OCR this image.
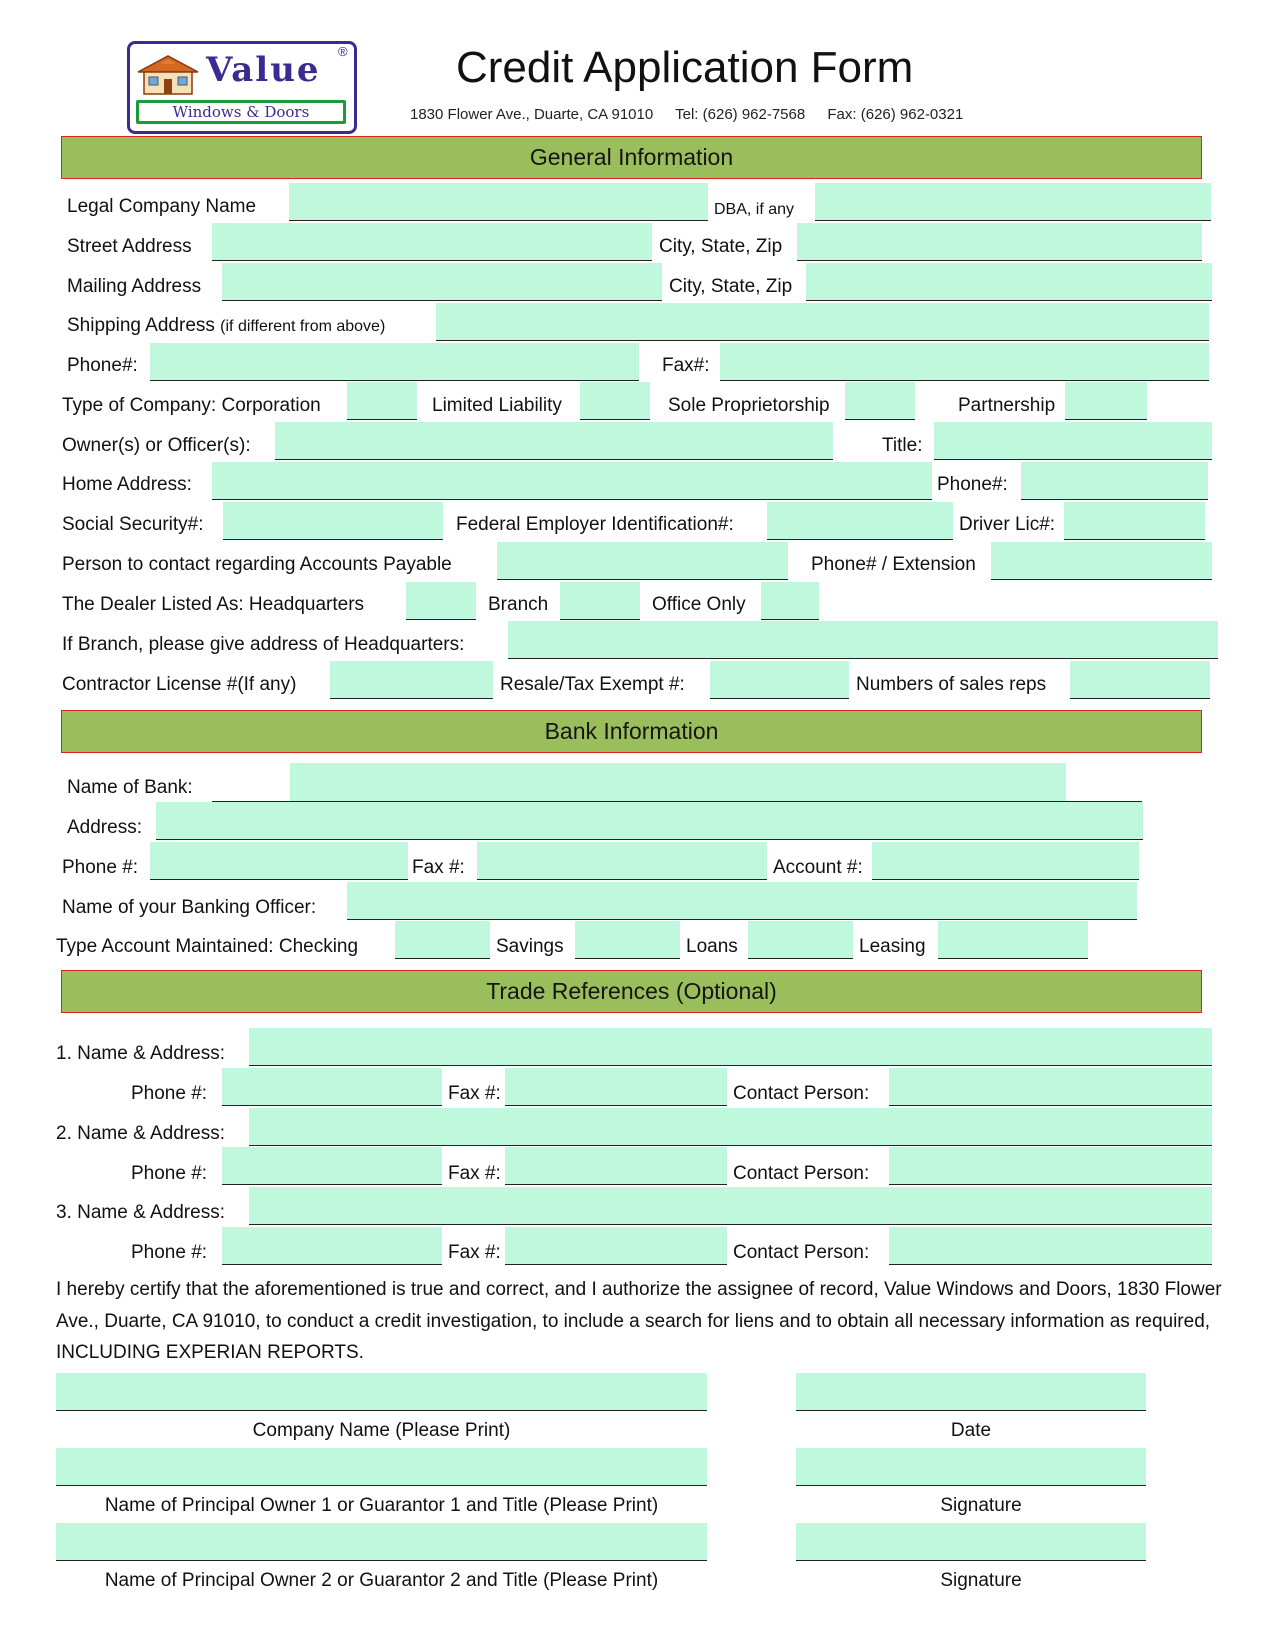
Value ®
Windows & Doors
Credit Application Form
1830 Flower Ave., Duarte, CA 91010 Tel: (626) 962-7568 Fax: (626) 962-0321
General Information
Legal Company Name	DBA, if any
Street Address	City, State, Zip
Mailing Address	City, State, Zip
Shipping Address (if different from above)
Phone#:	Fax#:
Type of Company: Corporation	Limited Liability	Sole Proprietorship	Partnership
Owner(s) or Officer(s):	Title:
Home Address:	Phone#:
Social Security#:	Federal Employer Identification#:	Driver Lic#:
Person to contact regarding Accounts Payable	Phone# / Extension
The Dealer Listed As: Headquarters	Branch	Office Only
If Branch, please give address of Headquarters:
Contractor License #(If any)	Resale/Tax Exempt #:	Numbers of sales reps
Bank Information
Name of Bank:
Address:
Phone #:	Fax #:	Account #:
Name of your Banking Officer:
Type Account Maintained: Checking	Savings	Loans	Leasing
Trade References (Optional)
1. Name & Address:
Phone #:	Fax #:	Contact Person:
2. Name & Address:
Phone #:	Fax #:	Contact Person:
3. Name & Address:
Phone #:	Fax #:	Contact Person:
I hereby certify that the aforementioned is true and correct, and I authorize the assignee of record, Value Windows and Doors, 1830 Flower Ave., Duarte, CA 91010, to conduct a credit investigation, to include a search for liens and to obtain all necessary information as required, INCLUDING EXPERIAN REPORTS.
Company Name (Please Print)	Date
Name of Principal Owner 1 or Guarantor 1 and Title (Please Print)	Signature
Name of Principal Owner 2 or Guarantor 2 and Title (Please Print)	Signature
